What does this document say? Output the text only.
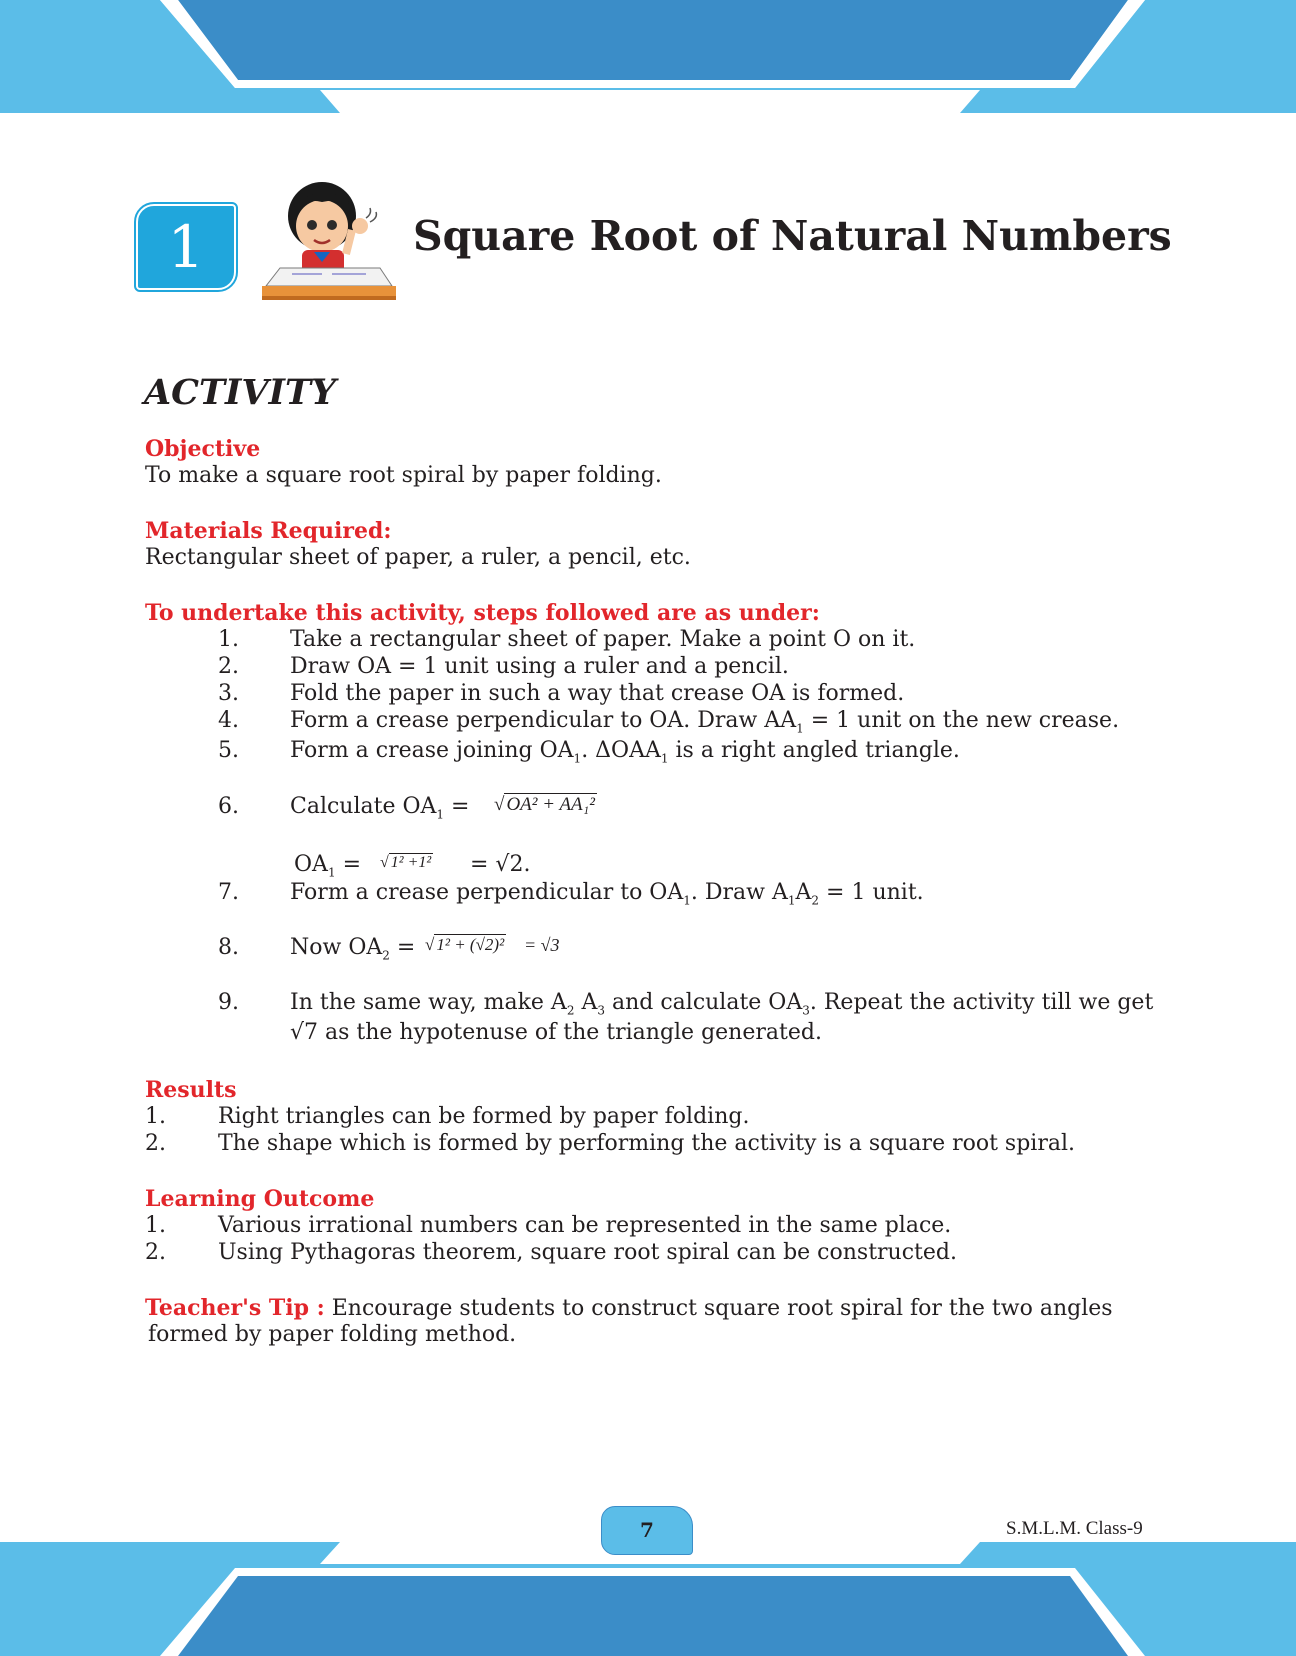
1	Square Root of Natural Numbers
ACTIVITY
Objective
To make a square root spiral by paper folding.
Materials Required:
Rectangular sheet of paper, a ruler, a pencil, etc.
To undertake this activity, steps followed are as under:
1. Take a rectangular sheet of paper. Make a point O on it.
2. Draw OA = 1 unit using a ruler and a pencil.
3. Fold the paper in such a way that crease OA is formed.
4. Form a crease perpendicular to OA. Draw $AA_1 = 1$ unit on the new crease.
5. Form a crease joining $OA_1$. $\Delta OAA_1$ is a right angled triangle.
6. Calculate $OA_1$ = √ OA² + AA₁²
$OA_1$ = √ 1² +1² = √2.
7. Form a crease perpendicular to $OA_1$. Draw $A_1A_2 = 1$ unit.
8. Now $OA_2$ = √ 1² + (√2)² = √3
9. In the same way, make $A_2$ $A_3$ and calculate $OA_3$. Repeat the activity till we get
√7 as the hypotenuse of the triangle generated.
Results
1. Right triangles can be formed by paper folding.
2. The shape which is formed by performing the activity is a square root spiral.
Learning Outcome
1. Various irrational numbers can be represented in the same place.
2. Using Pythagoras theorem, square root spiral can be constructed.
Teacher's Tip : Encourage students to construct square root spiral for the two angles
formed by paper folding method.
7	S.M.L.M. Class-9
